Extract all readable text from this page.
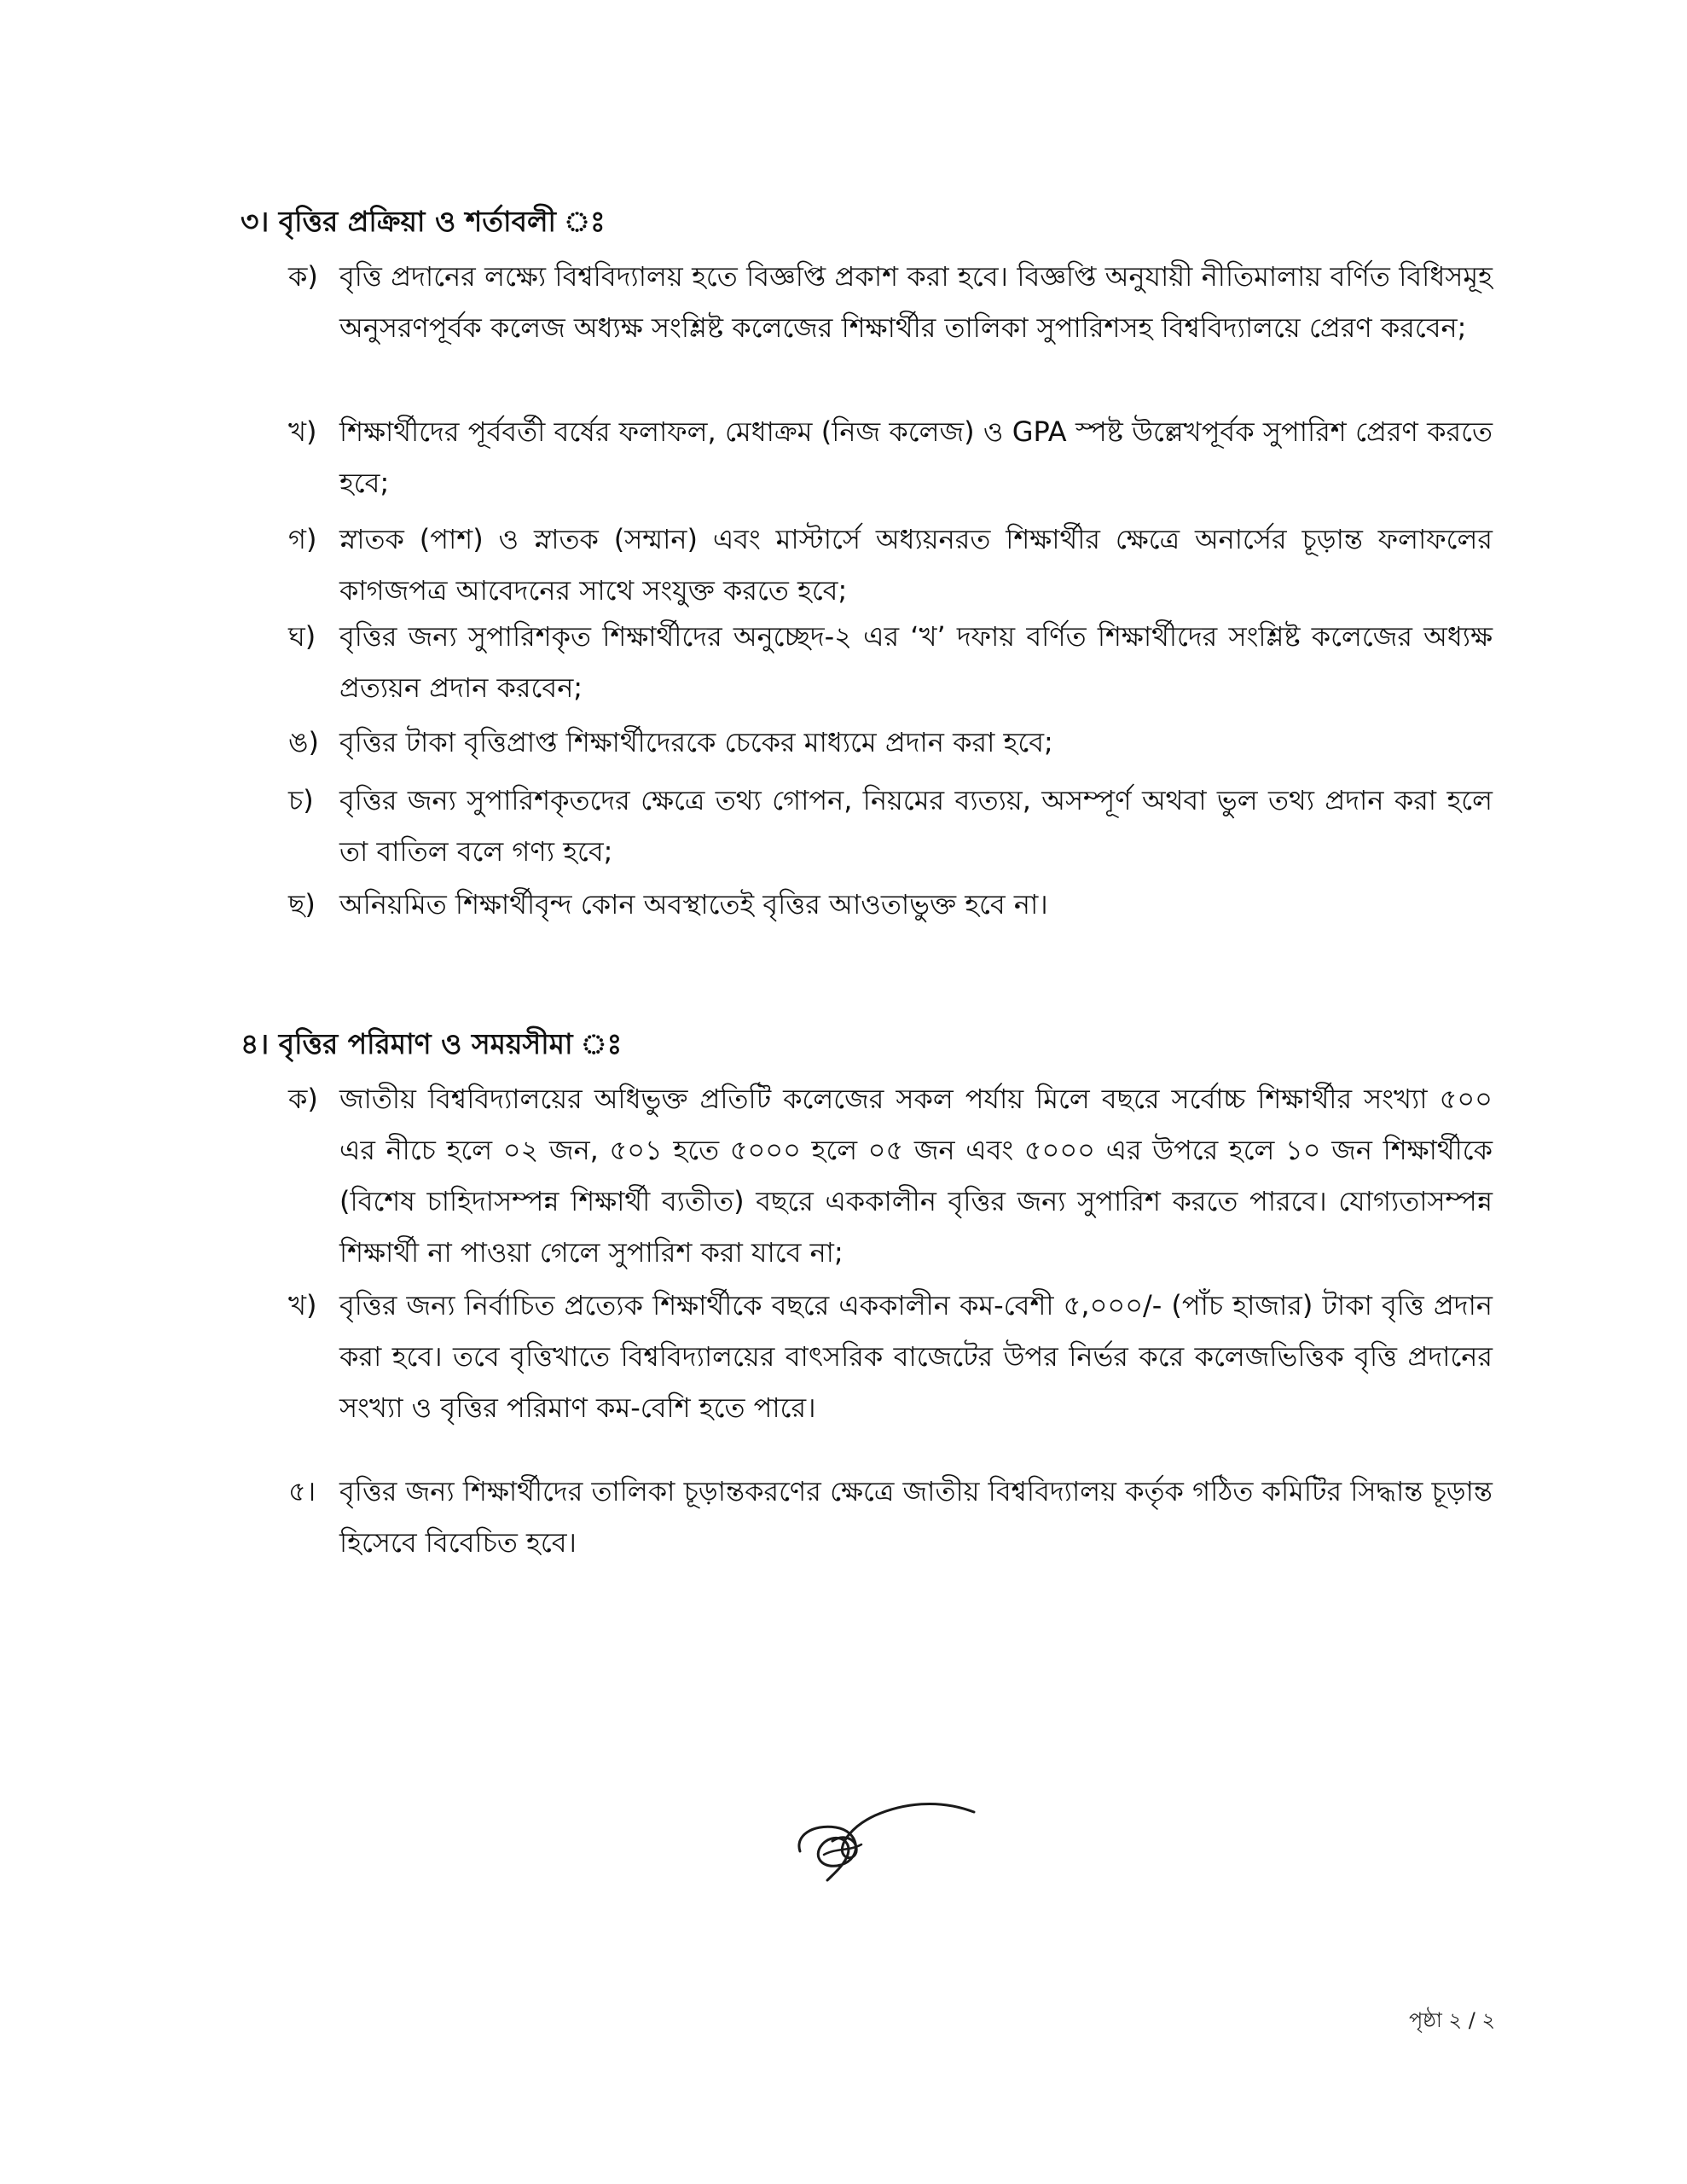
৩। বৃত্তির প্রক্রিয়া ও শর্তাবলী ঃ
ক) বৃত্তি প্রদানের লক্ষ্যে বিশ্ববিদ্যালয় হতে বিজ্ঞপ্তি প্রকাশ করা হবে। বিজ্ঞপ্তি অনুযায়ী নীতিমালায় বর্ণিত বিধিসমূহ অনুসরণপূর্বক কলেজ অধ্যক্ষ সংশ্লিষ্ট কলেজের শিক্ষার্থীর তালিকা সুপারিশসহ বিশ্ববিদ্যালয়ে প্রেরণ করবেন;
খ) শিক্ষার্থীদের পূর্ববর্তী বর্ষের ফলাফল, মেধাক্রম (নিজ কলেজ) ও GPA স্পষ্ট উল্লেখপূর্বক সুপারিশ প্রেরণ করতে হবে;
গ) স্নাতক (পাশ) ও স্নাতক (সম্মান) এবং মাস্টার্সে অধ্যয়নরত শিক্ষার্থীর ক্ষেত্রে অনার্সের চূড়ান্ত ফলাফলের কাগজপত্র আবেদনের সাথে সংযুক্ত করতে হবে;
ঘ) বৃত্তির জন্য সুপারিশকৃত শিক্ষার্থীদের অনুচ্ছেদ-২ এর ‘খ’ দফায় বর্ণিত শিক্ষার্থীদের সংশ্লিষ্ট কলেজের অধ্যক্ষ প্রত্যয়ন প্রদান করবেন;
ঙ) বৃত্তির টাকা বৃত্তিপ্রাপ্ত শিক্ষার্থীদেরকে চেকের মাধ্যমে প্রদান করা হবে;
চ) বৃত্তির জন্য সুপারিশকৃতদের ক্ষেত্রে তথ্য গোপন, নিয়মের ব্যত্যয়, অসম্পূর্ণ অথবা ভুল তথ্য প্রদান করা হলে তা বাতিল বলে গণ্য হবে;
ছ) অনিয়মিত শিক্ষার্থীবৃন্দ কোন অবস্থাতেই বৃত্তির আওতাভুক্ত হবে না।
৪। বৃত্তির পরিমাণ ও সময়সীমা ঃ
ক) জাতীয় বিশ্ববিদ্যালয়ের অধিভুক্ত প্রতিটি কলেজের সকল পর্যায় মিলে বছরে সর্বোচ্চ শিক্ষার্থীর সংখ্যা ৫০০ এর নীচে হলে ০২ জন, ৫০১ হতে ৫০০০ হলে ০৫ জন এবং ৫০০০ এর উপরে হলে ১০ জন শিক্ষার্থীকে (বিশেষ চাহিদাসম্পন্ন শিক্ষার্থী ব্যতীত) বছরে এককালীন বৃত্তির জন্য সুপারিশ করতে পারবে। যোগ্যতাসম্পন্ন শিক্ষার্থী না পাওয়া গেলে সুপারিশ করা যাবে না;
খ) বৃত্তির জন্য নির্বাচিত প্রত্যেক শিক্ষার্থীকে বছরে এককালীন কম-বেশী ৫,০০০/- (পাঁচ হাজার) টাকা বৃত্তি প্রদান করা হবে। তবে বৃত্তিখাতে বিশ্ববিদ্যালয়ের বাৎসরিক বাজেটের উপর নির্ভর করে কলেজভিত্তিক বৃত্তি প্রদানের সংখ্যা ও বৃত্তির পরিমাণ কম-বেশি হতে পারে।
৫। বৃত্তির জন্য শিক্ষার্থীদের তালিকা চূড়ান্তকরণের ক্ষেত্রে জাতীয় বিশ্ববিদ্যালয় কর্তৃক গঠিত কমিটির সিদ্ধান্ত চূড়ান্ত হিসেবে বিবেচিত হবে।
পৃষ্ঠা ২ / ২
